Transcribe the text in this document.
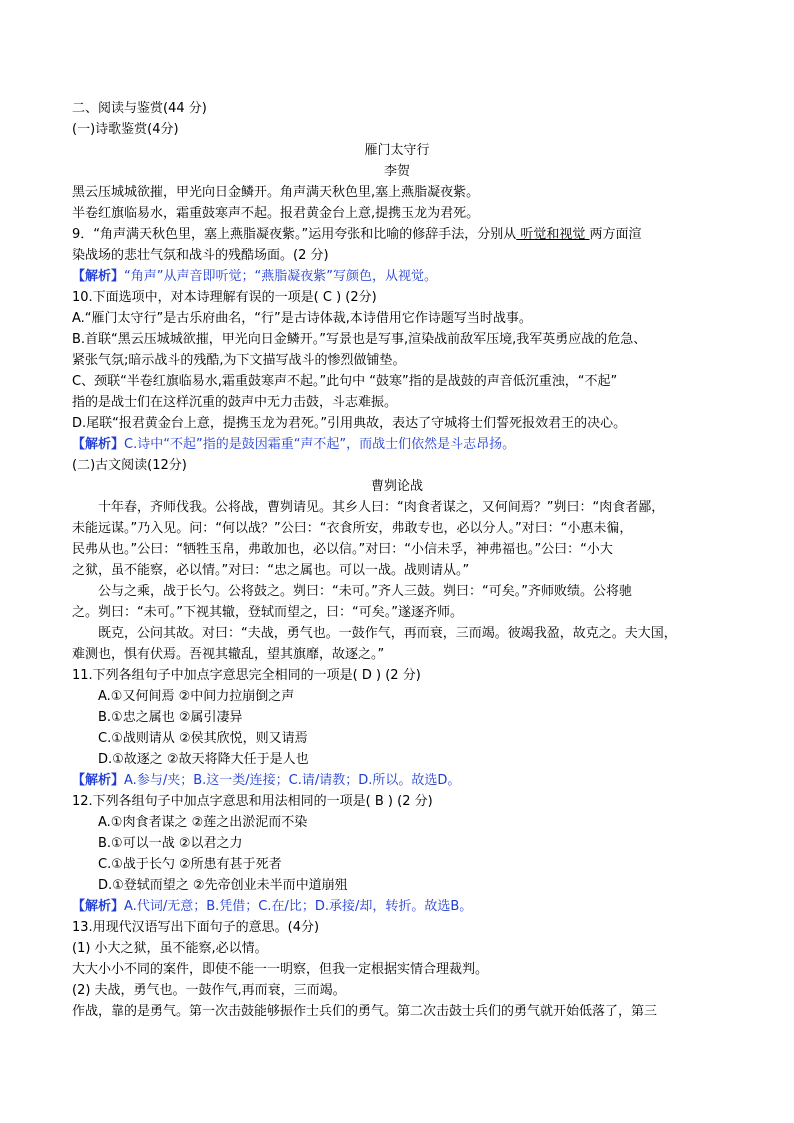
二、阅读与鉴赏(44 分)
(一)诗歌鉴赏(4分)
雁门太守行
李贺
黑云压城城欲摧，甲光向日金鳞开。角声满天秋色里,塞上燕脂凝夜紫。
半卷红旗临易水，霜重鼓寒声不起。报君黄金台上意,提携玉龙为君死。
9．“角声满天秋色里，塞上燕脂凝夜紫。”运用夸张和比喻的修辞手法，分别从 听觉和视觉 两方面渲
染战场的悲壮气氛和战斗的残酷场面。(2 分)
【解析】“角声”从声音即听觉；“燕脂凝夜紫”写颜色，从视觉。
10.下面选项中，对本诗理解有误的一项是( C ) (2分)
A.“雁门太守行”是古乐府曲名，“行”是古诗体裁,本诗借用它作诗题写当时战事。
B.首联“黑云压城城欲摧，甲光向日金鳞开。”写景也是写事,渲染战前敌军压境,我军英勇应战的危急、
紧张气氛;暗示战斗的残酷,为下文描写战斗的惨烈做铺垫。
C、颈联“半卷红旗临易水,霜重鼓寒声不起。”此句中 “鼓寒”指的是战鼓的声音低沉重浊，“不起”
指的是战士们在这样沉重的鼓声中无力击鼓，斗志难振。
D.尾联“报君黄金台上意，提携玉龙为君死。”引用典故，表达了守城将士们誓死报效君王的决心。
【解析】C.诗中“不起”指的是鼓因霜重“声不起”，而战士们依然是斗志昂扬。
(二)古文阅读(12分)
曹刿论战
十年春，齐师伐我。公将战，曹刿请见。其乡人曰：“肉食者谋之，又何间焉？”刿曰：“肉食者鄙，
未能远谋。”乃入见。问：“何以战？”公曰：“衣食所安，弗敢专也，必以分人。”对曰：“小惠未徧，
民弗从也。”公曰：“牺牲玉帛，弗敢加也，必以信。”对曰：“小信未孚，神弗福也。”公曰：“小大
之狱，虽不能察，必以情。”对曰：“忠之属也。可以一战。战则请从。”
公与之乘，战于长勺。公将鼓之。刿曰：“未可。”齐人三鼓。刿曰：“可矣。”齐师败绩。公将驰
之。刿曰：“未可。”下视其辙，登轼而望之，曰：“可矣。”遂逐齐师。
既克，公问其故。对曰：“夫战，勇气也。一鼓作气，再而衰，三而竭。彼竭我盈，故克之。夫大国，
难测也，惧有伏焉。吾视其辙乱，望其旗靡，故逐之。”
11.下列各组句子中加点字意思完全相同的一项是( D ) (2 分)
A.①又何间焉 ②中间力拉崩倒之声
B.①忠之属也 ②属引凄异
C.①战则请从 ②侯其欣悦，则又请焉
D.①故逐之 ②故天将降大任于是人也
【解析】A.参与/夹；B.这一类/连接；C.请/请教；D.所以。故选D。
12.下列各组句子中加点字意思和用法相同的一项是( B ) (2 分)
A.①肉食者谋之 ②莲之出淤泥而不染
B.①可以一战 ②以君之力
C.①战于长勺 ②所患有甚于死者
D.①登轼而望之 ②先帝创业未半而中道崩殂
【解析】A.代词/无意；B.凭借；C.在/比；D.承接/却，转折。故选B。
13.用现代汉语写出下面句子的意思。(4分)
(1) 小大之狱，虽不能察,必以情。
大大小小不同的案件，即使不能一一明察，但我一定根据实情合理裁判。
(2) 夫战，勇气也。一鼓作气,再而衰，三而竭。
作战，靠的是勇气。第一次击鼓能够振作士兵们的勇气。第二次击鼓士兵们的勇气就开始低落了，第三
